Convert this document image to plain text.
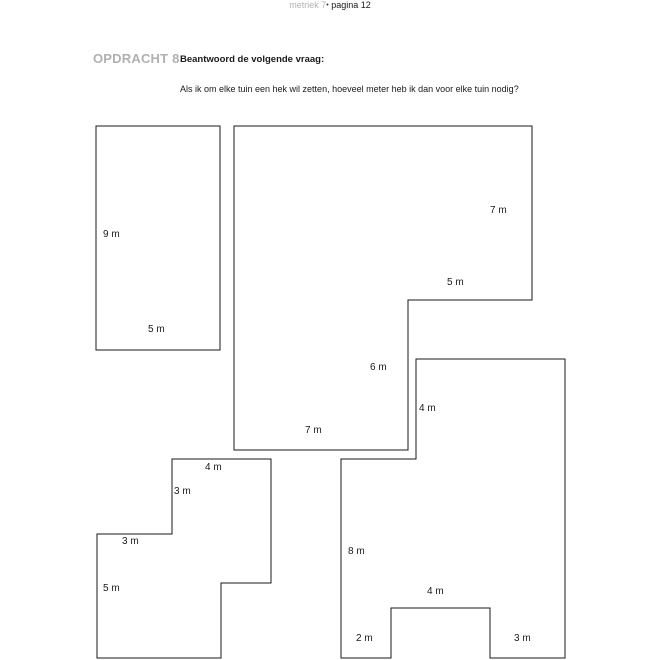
metriek 7• pagina 12
OPDRACHT 8 Beantwoord de volgende vraag:
Als ik om elke tuin een hek wil zetten, hoeveel meter heb ik dan voor elke tuin nodig?
9 m
5 m
7 m
5 m
6 m
7 m
4 m
3 m
3 m
5 m
4 m
8 m
4 m
2 m	3 m
